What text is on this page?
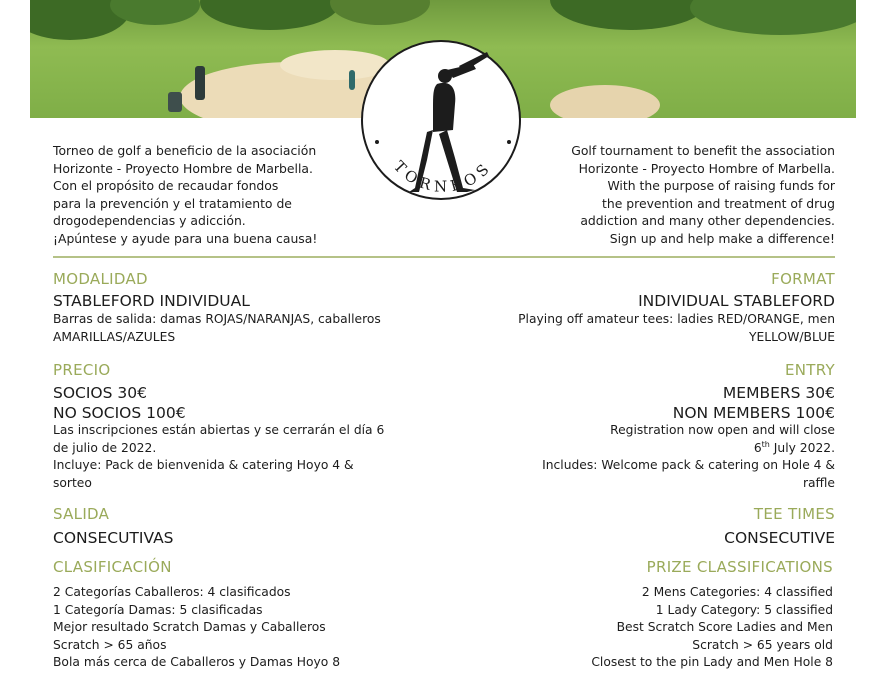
TORNEOS

Torneo de golf a beneficio de la asociación

Horizonte - Proyecto Hombre de Marbella.

Con el propósito de recaudar fondos

para la prevención y el tratamiento de

drogodependencias y adicción.

¡Apúntese y ayude para una buena causa!

Golf tournament to benefit the association

Horizonte - Proyecto Hombre of Marbella.

With the purpose of raising funds for

the prevention and treatment of drug

addiction and many other dependencies.

Sign up and help make a difference!

MODALIDAD
STABLEFORD INDIVIDUAL
Barras de salida: damas ROJAS/NARANJAS, caballeros
AMARILLAS/AZULES
PRECIO
SOCIOS 30€
NO SOCIOS 100€
Las inscripciones están abiertas y se cerrarán el día 6
de julio de 2022.
Incluye: Pack de bienvenida & catering Hoyo 4 &
sorteo
SALIDA
CONSECUTIVAS
CLASIFICACIÓN
2 Categorías Caballeros: 4 clasificados
1 Categoría Damas: 5 clasificadas
Mejor resultado Scratch Damas y Caballeros
Scratch > 65 años
Bola más cerca de Caballeros y Damas Hoyo 8
FORMAT
INDIVIDUAL STABLEFORD
Playing off amateur tees: ladies RED/ORANGE, men
YELLOW/BLUE
ENTRY
MEMBERS 30€
NON MEMBERS 100€
Registration now open and will close
6th July 2022.
Includes: Welcome pack & catering on Hole 4 &
raffle
TEE TIMES
CONSECUTIVE
PRIZE CLASSIFICATIONS
2 Mens Categories: 4 classified
1 Lady Category: 5 classified
Best Scratch Score Ladies and Men
Scratch > 65 years old
Closest to the pin Lady and Men Hole 8
